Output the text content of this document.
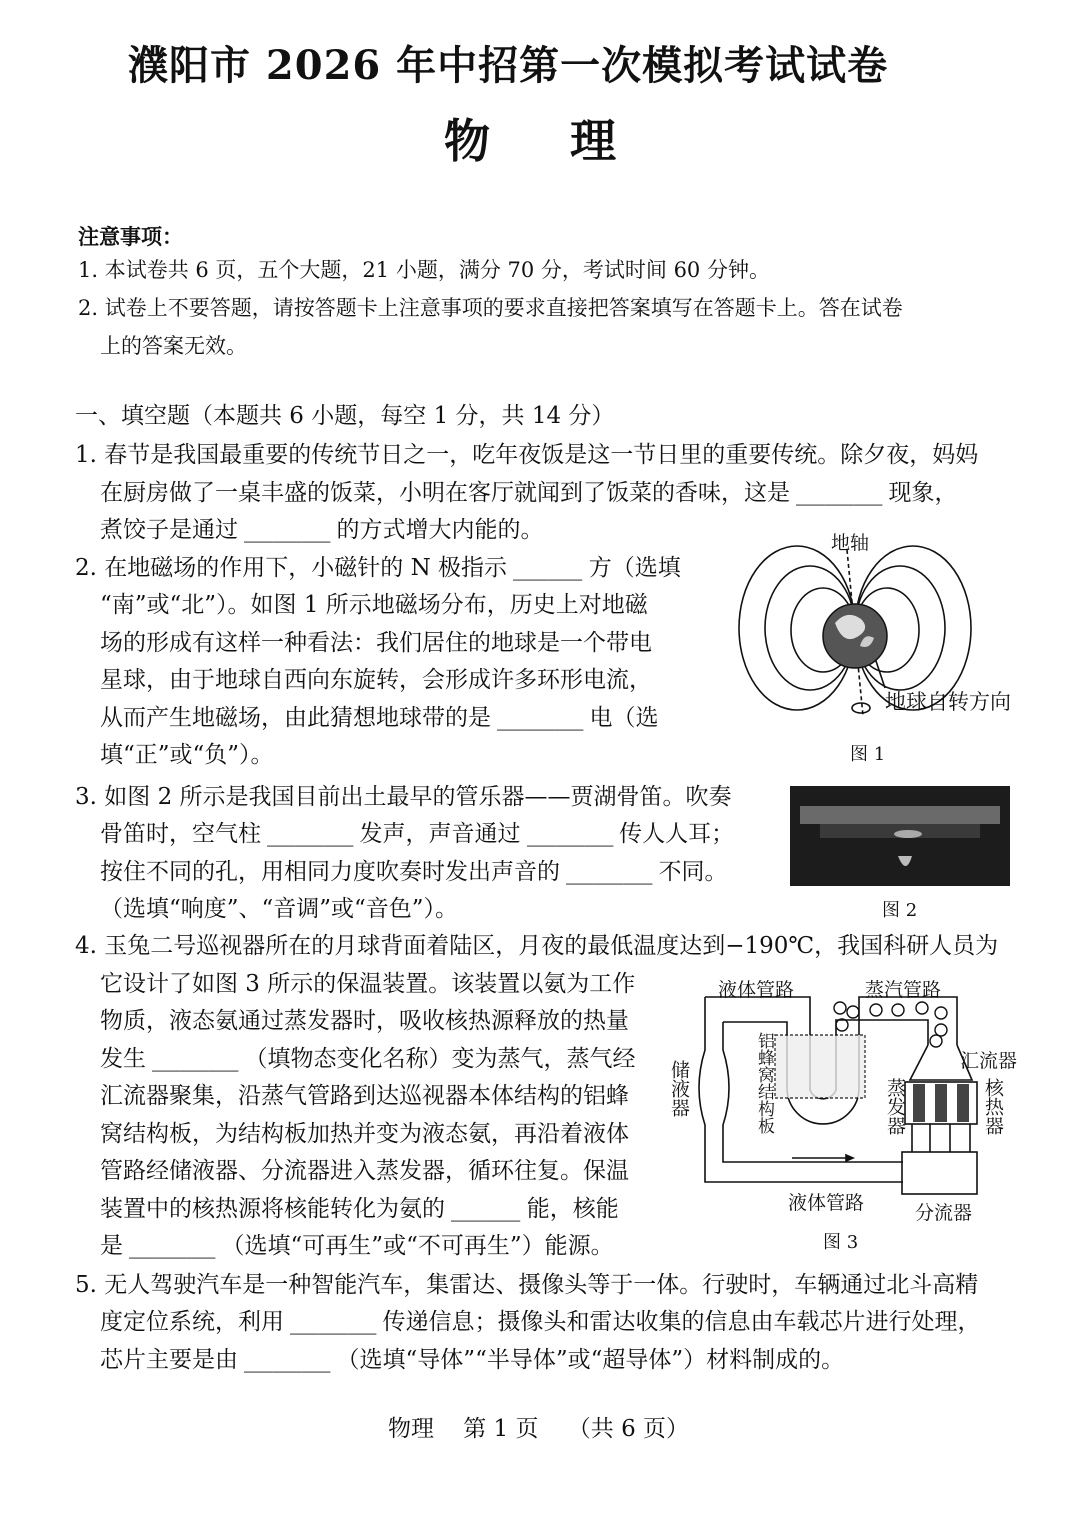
濮阳市 2026 年中招第一次模拟考试试卷
物理
注意事项：
1. 本试卷共 6 页，五个大题，21 小题，满分 70 分，考试时间 60 分钟。
2. 试卷上不要答题，请按答题卡上注意事项的要求直接把答案填写在答题卡上。答在试卷
上的答案无效。
1. 春节是我国最重要的传统节日之一，吃年夜饭是这一节日里的重要传统。除夕夜，妈妈
在厨房做了一桌丰盛的饭菜，小明在客厅就闻到了饭菜的香味，这是 ___ 现象，
煮饺子是通过 ___ 的方式增大内能的。
2. 在地磁场的作用下，小磁针的 N 极指示 __ 方（选填
“南”或“北”）。如图 1 所示地磁场分布，历史上对地磁
场的形成有这样一种看法：我们居住的地球是一个带电
星球，由于地球自西向东旋转，会形成许多环形电流，
从而产生地磁场，由此猜想地球带的是 ___ 电（选
填“正”或“负”）。
3. 如图 2 所示是我国目前出土最早的管乐器——贾湖骨笛。吹奏
骨笛时，空气柱 ___ 发声，声音通过 ___ 传人人耳；
按住不同的孔，用相同力度吹奏时发出声音的 ___ 不同。
（选填“响度”、“音调”或“音色”）。
4. 玉兔二号巡视器所在的月球背面着陆区，月夜的最低温度达到−190℃，我国科研人员为
它设计了如图 3 所示的保温装置。该装置以氨为工作
物质，液态氨通过蒸发器时，吸收核热源释放的热量
发生 ___ （填物态变化名称）变为蒸气，蒸气经
汇流器聚集，沿蒸气管路到达巡视器本体结构的铝蜂
窝结构板，为结构板加热并变为液态氨，再沿着液体
管路经储液器、分流器进入蒸发器，循环往复。保温
装置中的核热源将核能转化为氨的 __ 能，核能
是 ___ （选填“可再生”或“不可再生”）能源。
5. 无人驾驶汽车是一种智能汽车，集雷达、摄像头等于一体。行驶时，车辆通过北斗高精
度定位系统，利用 ___ 传递信息；摄像头和雷达收集的信息由车载芯片进行处理，
芯片主要是由 ___ （选填“导体”“半导体”或“超导体”）材料制成的。
一、填空题（本题共 6 小题，每空 1 分，共 14 分）
地轴
地球自转方向
图 1
图 2
液体管路	蒸汽管路
汇流器
铝蜂窝结构板
储液器	蒸发器	核热器
液体管路	分流器
图 3
物理 第 1 页 （共 6 页）
